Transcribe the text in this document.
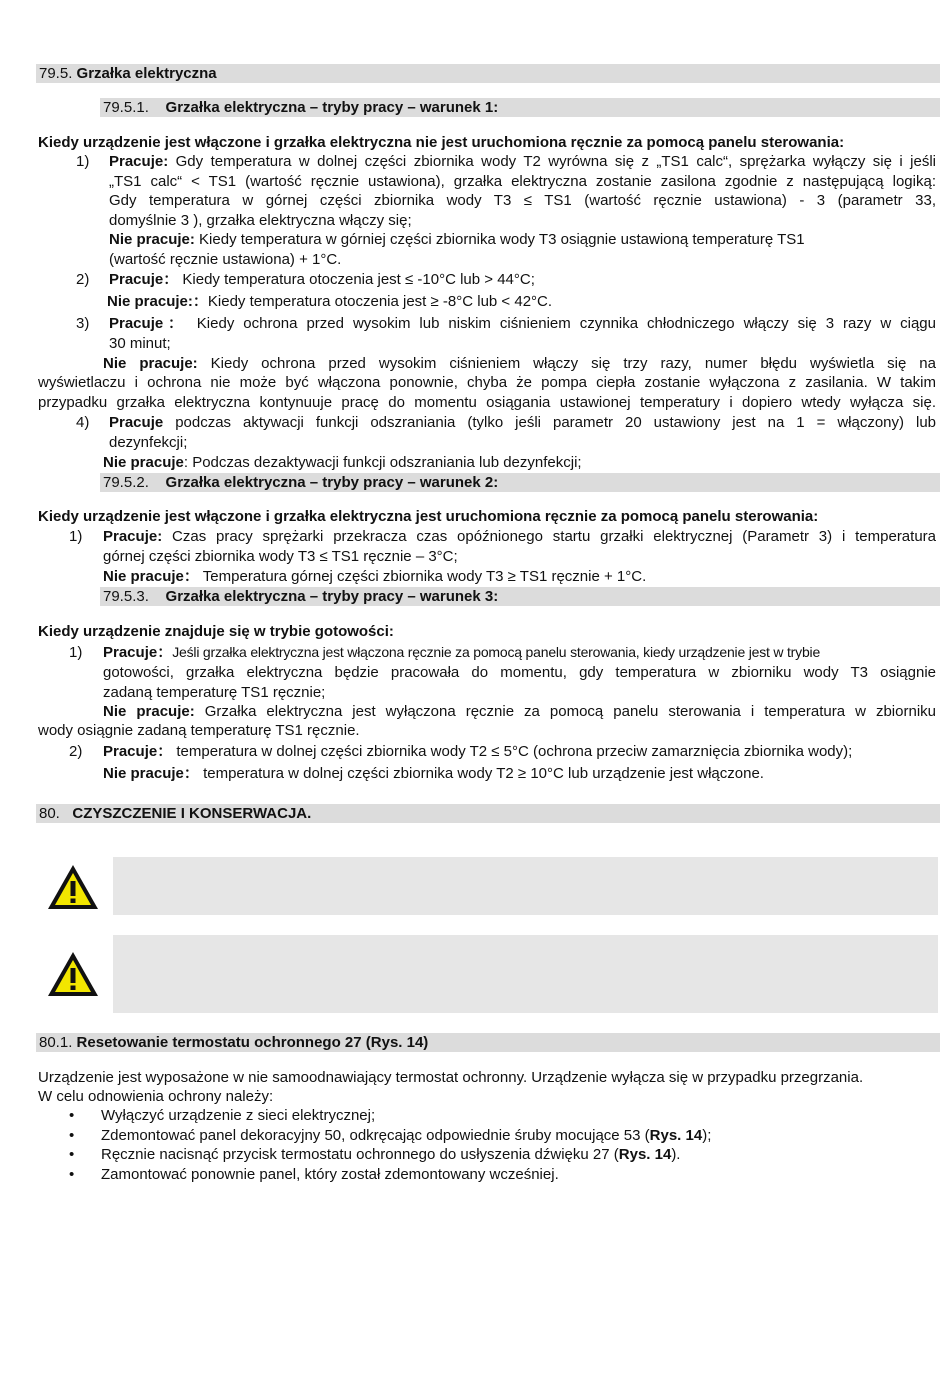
79.5. Grzałka elektryczna
79.5.1. Grzałka elektryczna – tryby pracy – warunek 1:
Kiedy urządzenie jest włączone i grzałka elektryczna nie jest uruchomiona ręcznie za pomocą panelu sterowania:
1) Pracuje: Gdy temperatura w dolnej części zbiornika wody T2 wyrówna się z „TS1 calc“, sprężarka wyłączy się i jeśli
„TS1 calc“ < TS1 (wartość ręcznie ustawiona), grzałka elektryczna zostanie zasilona zgodnie z następującą logiką:
Gdy temperatura w górnej części zbiornika wody T3 ≤ TS1 (wartość ręcznie ustawiona) - 3 (parametr 33,
domyślnie 3 ), grzałka elektryczna włączy się;
Nie pracuje: Kiedy temperatura w górniej części zbiornika wody T3 osiągnie ustawioną temperaturę TS1
(wartość ręcznie ustawiona) + 1°C.
2) Pracuje： Kiedy temperatura otoczenia jest ≤ -10°C lub > 44°C;
Nie pracuje:：Kiedy temperatura otoczenia jest ≥ -8°C lub < 42°C.
3) Pracuje： Kiedy ochrona przed wysokim lub niskim ciśnieniem czynnika chłodniczego włączy się 3 razy w ciągu
30 minut;
Nie pracuje: Kiedy ochrona przed wysokim ciśnieniem włączy się trzy razy, numer błędu wyświetla się na
wyświetlaczu i ochrona nie może być włączona ponownie, chyba że pompa ciepła zostanie wyłączona z zasilania. W takim
przypadku grzałka elektryczna kontynuuje pracę do momentu osiągania ustawionej temperatury i dopiero wtedy wyłącza się.
4) Pracuje podczas aktywacji funkcji odszraniania (tylko jeśli parametr 20 ustawiony jest na 1 = włączony) lub
dezynfekcji;
Nie pracuje: Podczas dezaktywacji funkcji odszraniania lub dezynfekcji;
79.5.2. Grzałka elektryczna – tryby pracy – warunek 2:
Kiedy urządzenie jest włączone i grzałka elektryczna jest uruchomiona ręcznie za pomocą panelu sterowania:
1) Pracuje: Czas pracy sprężarki przekracza czas opóźnionego startu grzałki elektrycznej (Parametr 3) i temperatura
górnej części zbiornika wody T3 ≤ TS1 ręcznie – 3°C;
Nie pracuje： Temperatura górnej części zbiornika wody T3 ≥ TS1 ręcznie + 1°C.
79.5.3. Grzałka elektryczna – tryby pracy – warunek 3:
Kiedy urządzenie znajduje się w trybie gotowości:
1) Pracuje：Jeśli grzałka elektryczna jest włączona ręcznie za pomocą panelu sterowania, kiedy urządzenie jest w trybie
gotowości, grzałka elektryczna będzie pracowała do momentu, gdy temperatura w zbiorniku wody T3 osiągnie
zadaną temperaturę TS1 ręcznie;
Nie pracuje: Grzałka elektryczna jest wyłączona ręcznie za pomocą panelu sterowania i temperatura w zbiorniku
wody osiągnie zadaną temperaturę TS1 ręcznie.
2) Pracuje： temperatura w dolnej części zbiornika wody T2 ≤ 5°C (ochrona przeciw zamarznięcia zbiornika wody);
Nie pracuje： temperatura w dolnej części zbiornika wody T2 ≥ 10°C lub urządzenie jest włączone.
80. CZYSZCZENIE I KONSERWACJA.
80.1. Resetowanie termostatu ochronnego 27 (Rys. 14)
Urządzenie jest wyposażone w nie samoodnawiający termostat ochronny. Urządzenie wyłącza się w przypadku przegrzania.
W celu odnowienia ochrony należy:
• Wyłączyć urządzenie z sieci elektrycznej;
• Zdemontować panel dekoracyjny 50, odkręcając odpowiednie śruby mocujące 53 (Rys. 14);
• Ręcznie nacisnąć przycisk termostatu ochronnego do usłyszenia dźwięku 27 (Rys. 14).
• Zamontować ponownie panel, który został zdemontowany wcześniej.
